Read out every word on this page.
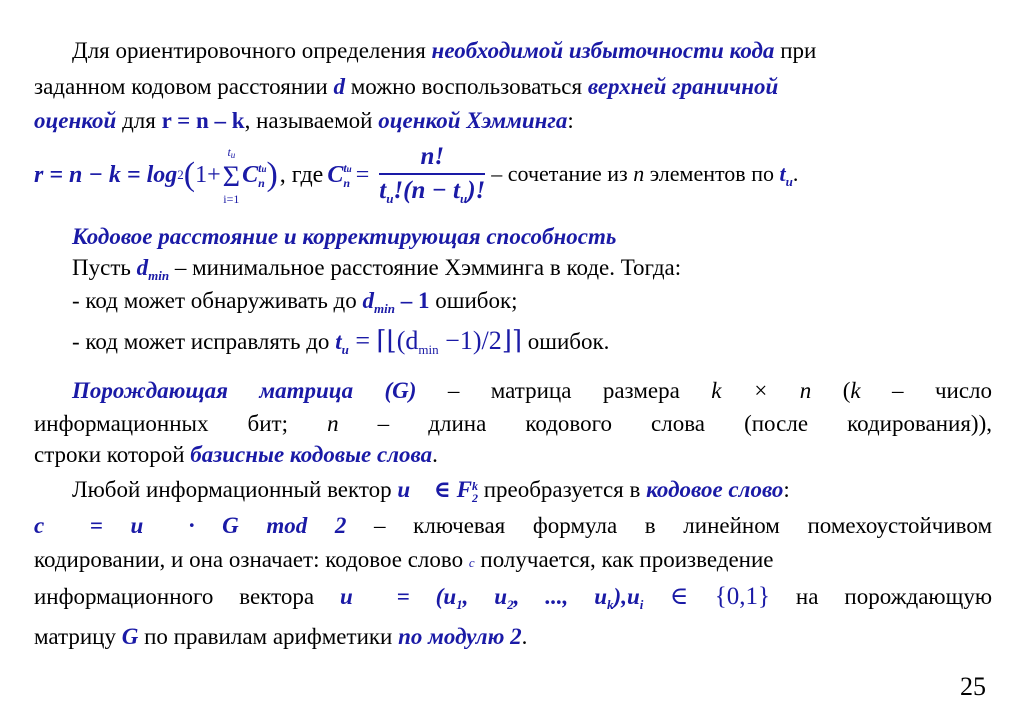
Для ориентировочного определения необходимой избыточности кода при
заданном кодовом расстоянии d можно воспользоваться верхней граничной
оценкой для r = n – k, называемой оценкой Хэмминга:
r = n − k = log 2 ( 1+
$t_u$
Σ
i=1
C tu
n ) , где C tu
$n = \frac{n!}{t_u!(n - t_u)!}$ – сочетание из n элементов по $t_u$.
Кодовое расстояние и корректирующая способность
Пусть $d_{min}$ – минимальное расстояние Хэмминга в коде. Тогда:
- код может обнаруживать до $d_{min} - 1$ ошибок;
- код может исправлять до $t_u$ = $⌈⌊(d_{min}$ −1)/2⌋⌉ ошибок.
Порождающая матрица (G) – матрица размера k × n (k – число
информационных бит; n – длина кодового слова (после кодирования)),
строки которой базисные кодовые слова.
Любой информационный вектор u⃗ ∈ F k
2 преобразуется в кодовое слово:
c⃗ = u⃗ · G mod 2 – ключевая формула в линейном помехоустойчивом
кодировании, и она означает: кодовое слово c получается, как произведение
информационного вектора u⃗ = ($u_1$, $u_2$, ..., $u_k),u_i$ ∈ {0,1} на порождающую
матрицу G по правилам арифметики по модулю 2.
25
